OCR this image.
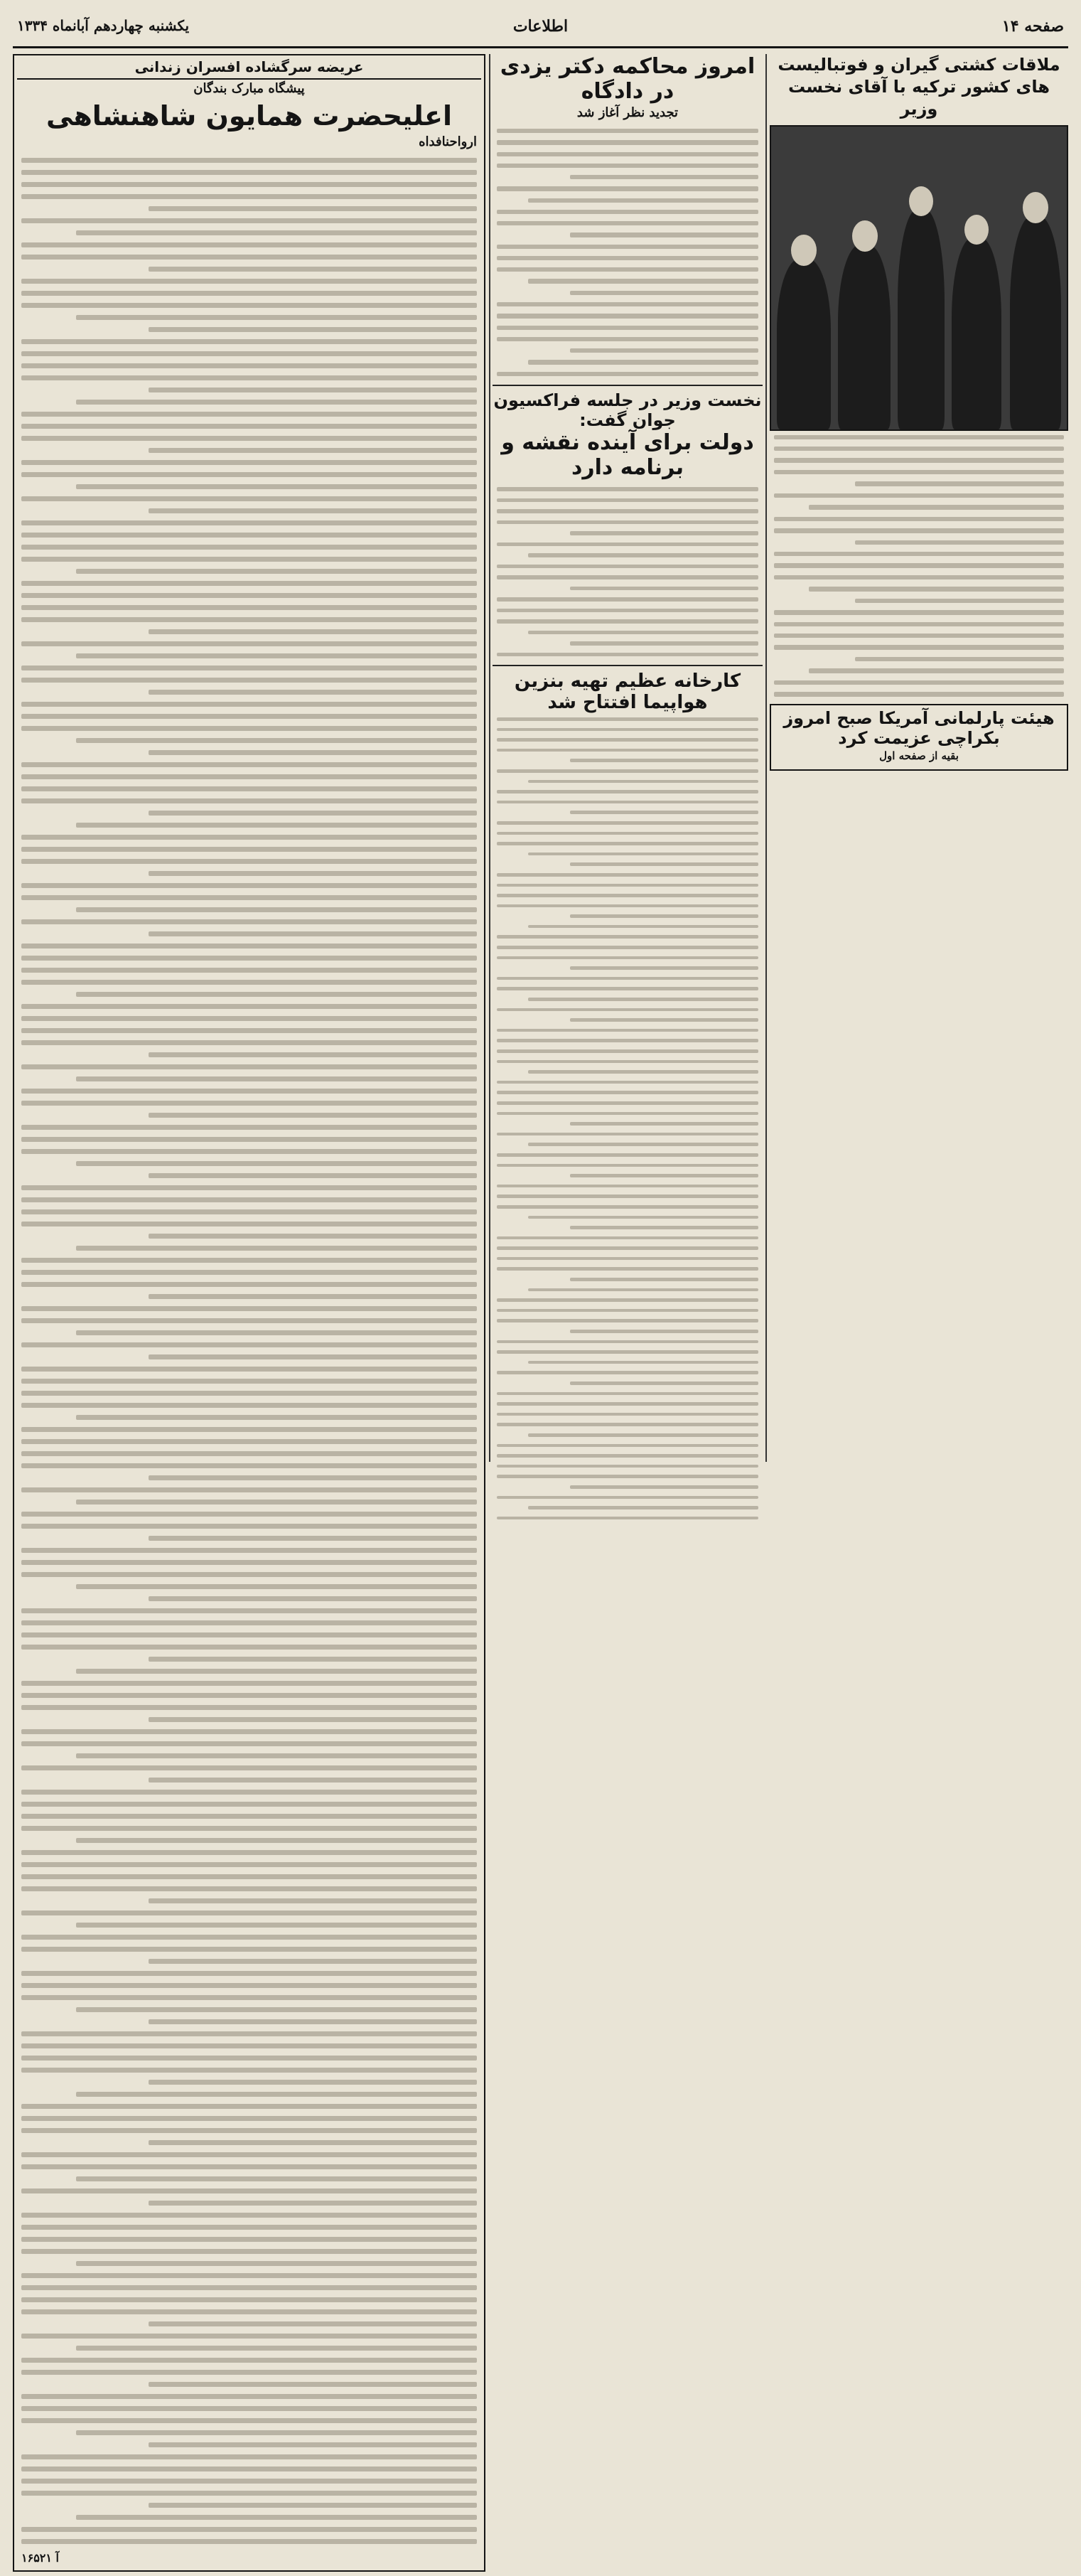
صفحه ۱۴
اطلاعات
یکشنبه چهاردهم آبانماه ۱۳۳۴
عریضه سرگشاده افسران زندانی
پیشگاه مبارک بندگان
اعلیحضرت همایون شاهنشاهی
ارواحنافداه
آ ۱۶۵۲۱
امروز محاکمه دکتر یزدی در دادگاه
تجدید نظر آغاز شد
نخست وزیر در جلسه فراکسیون جوان گفت:
دولت برای آینده نقشه و برنامه دارد
کارخانه عظیم تهیه بنزین هواپیما افتتاح شد
ملاقات کشتی گیران و فوتبالیست های کشور ترکیه با آقای نخست وزیر
هیئت پارلمانی آمریکا صبح امروز بکراچی عزیمت کرد
بقیه از صفحه اول
